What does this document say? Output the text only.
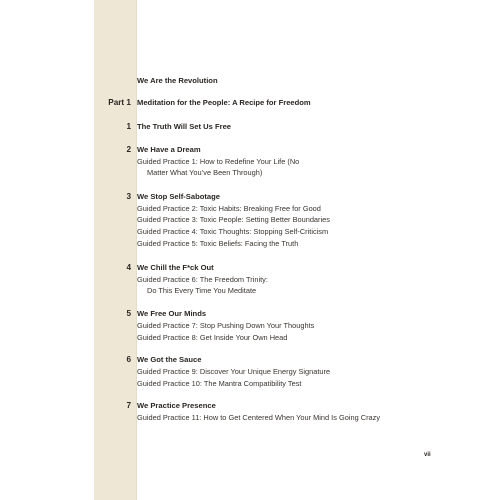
We Are the Revolution
Part 1 Meditation for the People: A Recipe for Freedom
1 The Truth Will Set Us Free
2 We Have a Dream
Guided Practice 1: How to Redefine Your Life (No
Matter What You’ve Been Through)
3 We Stop Self-Sabotage
Guided Practice 2: Toxic Habits: Breaking Free for Good
Guided Practice 3: Toxic People: Setting Better Boundaries
Guided Practice 4: Toxic Thoughts: Stopping Self-Criticism
Guided Practice 5: Toxic Beliefs: Facing the Truth
4 We Chill the F*ck Out
Guided Practice 6: The Freedom Trinity:
Do This Every Time You Meditate
5 We Free Our Minds
Guided Practice 7: Stop Pushing Down Your Thoughts
Guided Practice 8: Get Inside Your Own Head
6 We Got the Sauce
Guided Practice 9: Discover Your Unique Energy Signature
Guided Practice 10: The Mantra Compatibility Test
7 We Practice Presence
Guided Practice 11: How to Get Centered When Your Mind Is Going Crazy
vii
